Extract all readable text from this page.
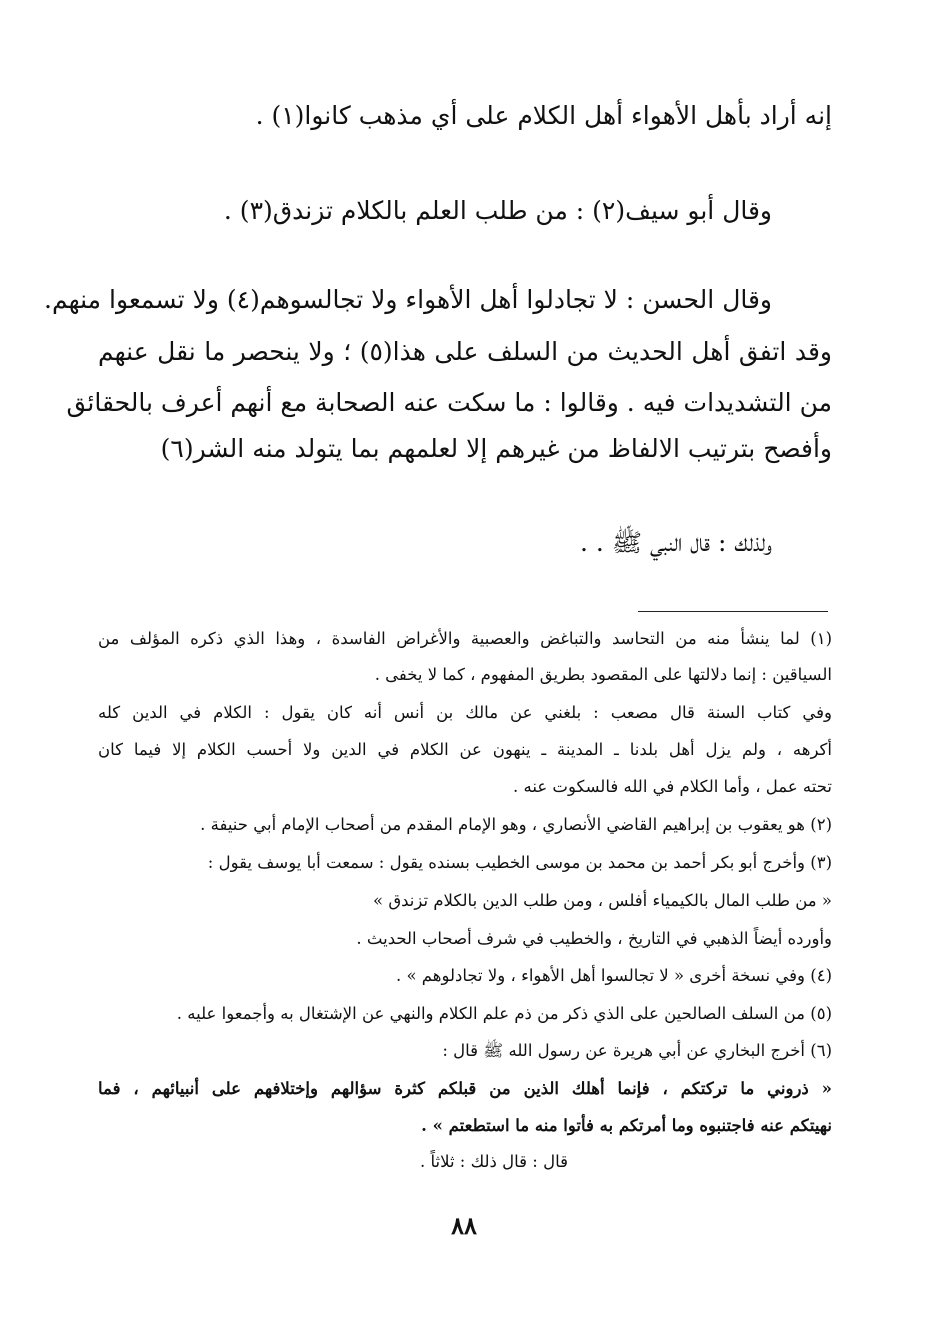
إنه أراد بأهل الأهواء أهل الكلام على أي مذهب كانوا(١) .
وقال أبو سيف(٢) : من طلب العلم بالكلام تزندق(٣) .
وقال الحسن : لا تجادلوا أهل الأهواء ولا تجالسوهم(٤) ولا تسمعوا منهم.
وقد اتفق أهل الحديث من السلف على هذا(٥) ؛ ولا ينحصر ما نقل عنهم
من التشديدات فيه . وقالوا : ما سكت عنه الصحابة مع أنهم أعرف بالحقائق
وأفصح بترتيب الالفاظ من غيرهم إلا لعلمهم بما يتولد منه الشر(٦)
ولذلك : قال النبي ﷺ . .
(١) لما ينشأ منه من التحاسد والتباغض والعصبية والأغراض الفاسدة ، وهذا الذي ذكره المؤلف من
السياقين : إنما دلالتها على المقصود بطريق المفهوم ، كما لا يخفى .
وفي كتاب السنة قال مصعب : بلغني عن مالك بن أنس أنه كان يقول : الكلام في الدين كله
أكرهه ، ولم يزل أهل بلدنا ـ المدينة ـ ينهون عن الكلام في الدين ولا أحسب الكلام إلا فيما كان
تحته عمل ، وأما الكلام في الله فالسكوت عنه .
(٢) هو يعقوب بن إبراهيم القاضي الأنصاري ، وهو الإمام المقدم من أصحاب الإمام أبي حنيفة .
(٣) وأخرج أبو بكر أحمد بن محمد بن موسى الخطيب بسنده يقول : سمعت أبا يوسف يقول :
« من طلب المال بالكيمياء أفلس ، ومن طلب الدين بالكلام تزندق »
وأورده أيضاً الذهبي في التاريخ ، والخطيب في شرف أصحاب الحديث .
(٤) وفي نسخة أخرى « لا تجالسوا أهل الأهواء ، ولا تجادلوهم » .
(٥) من السلف الصالحين على الذي ذكر من ذم علم الكلام والنهي عن الإشتغال به وأجمعوا عليه .
(٦) أخرج البخاري عن أبي هريرة عن رسول الله ﷺ قال :
« ذروني ما تركتكم ، فإنما أهلك الذين من قبلكم كثرة سؤالهم وإختلافهم على أنبيائهم ، فما
نهيتكم عنه فاجتنبوه وما أمرتكم به فأتوا منه ما استطعتم » .
قال : قال ذلك : ثلاثاً .
٨٨
